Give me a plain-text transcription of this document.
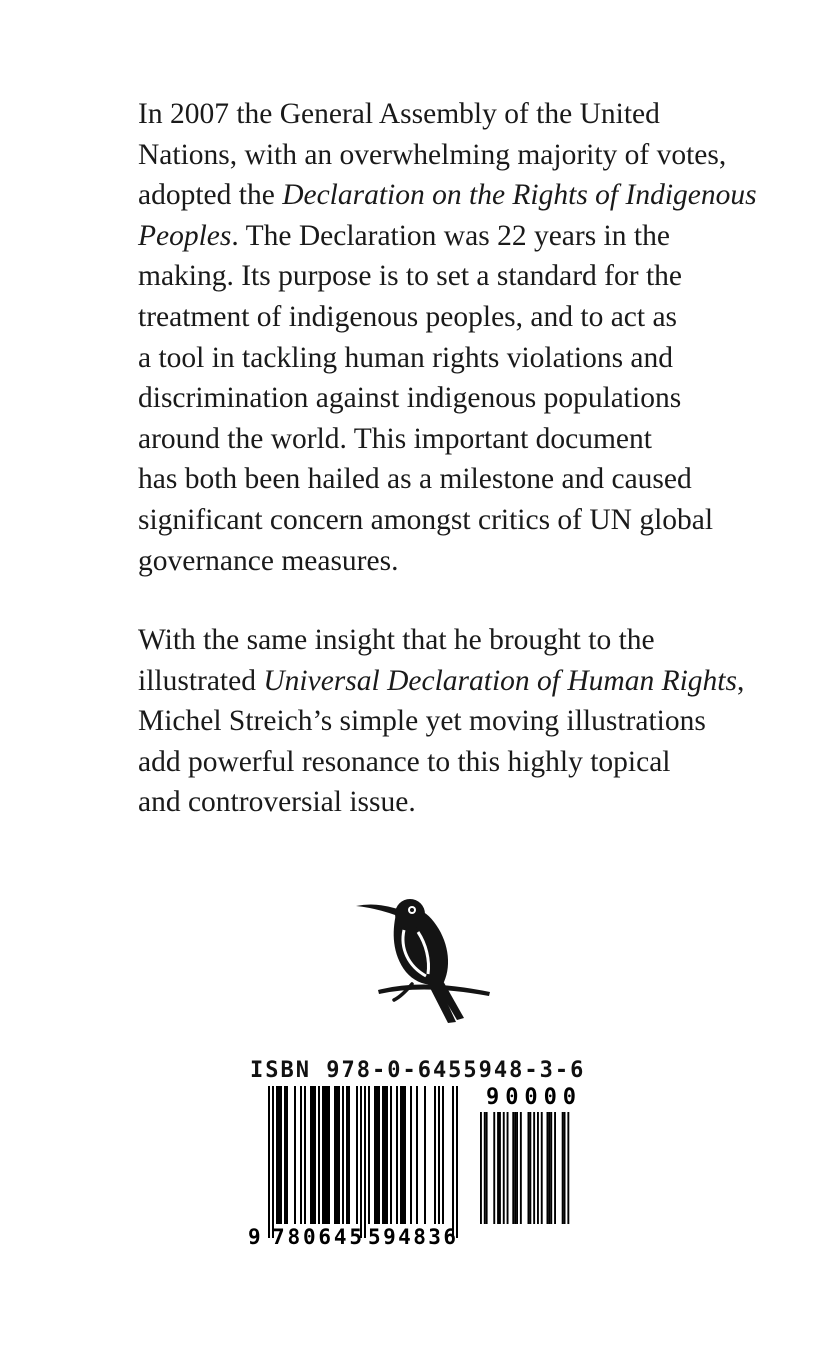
In 2007 the General Assembly of the United
Nations, with an overwhelming majority of votes,
adopted the Declaration on the Rights of Indigenous
Peoples. The Declaration was 22 years in the
making. Its purpose is to set a standard for the
treatment of indigenous peoples, and to act as
a tool in tackling human rights violations and
discrimination against indigenous populations
around the world. This important document
has both been hailed as a milestone and caused
significant concern amongst critics of UN global
governance measures.

With the same insight that he brought to the
illustrated Universal Declaration of Human Rights,
Michel Streich’s simple yet moving illustrations
add powerful resonance to this highly topical
and controversial issue.

ISBN 978-0-6455948-3-6
9 780645 594836
90000
